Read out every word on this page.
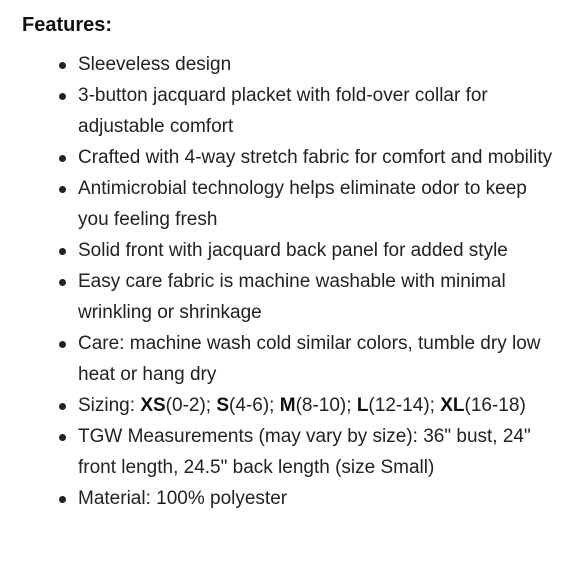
Features:
Sleeveless design
3-button jacquard placket with fold-over collar for adjustable comfort
Crafted with 4-way stretch fabric for comfort and mobility
Antimicrobial technology helps eliminate odor to keep you feeling fresh
Solid front with jacquard back panel for added style
Easy care fabric is machine washable with minimal wrinkling or shrinkage
Care: machine wash cold similar colors, tumble dry low heat or hang dry
Sizing: XS(0-2); S(4-6); M(8-10); L(12-14); XL(16-18)
TGW Measurements (may vary by size): 36" bust, 24" front length, 24.5" back length (size Small)
Material: 100% polyester
